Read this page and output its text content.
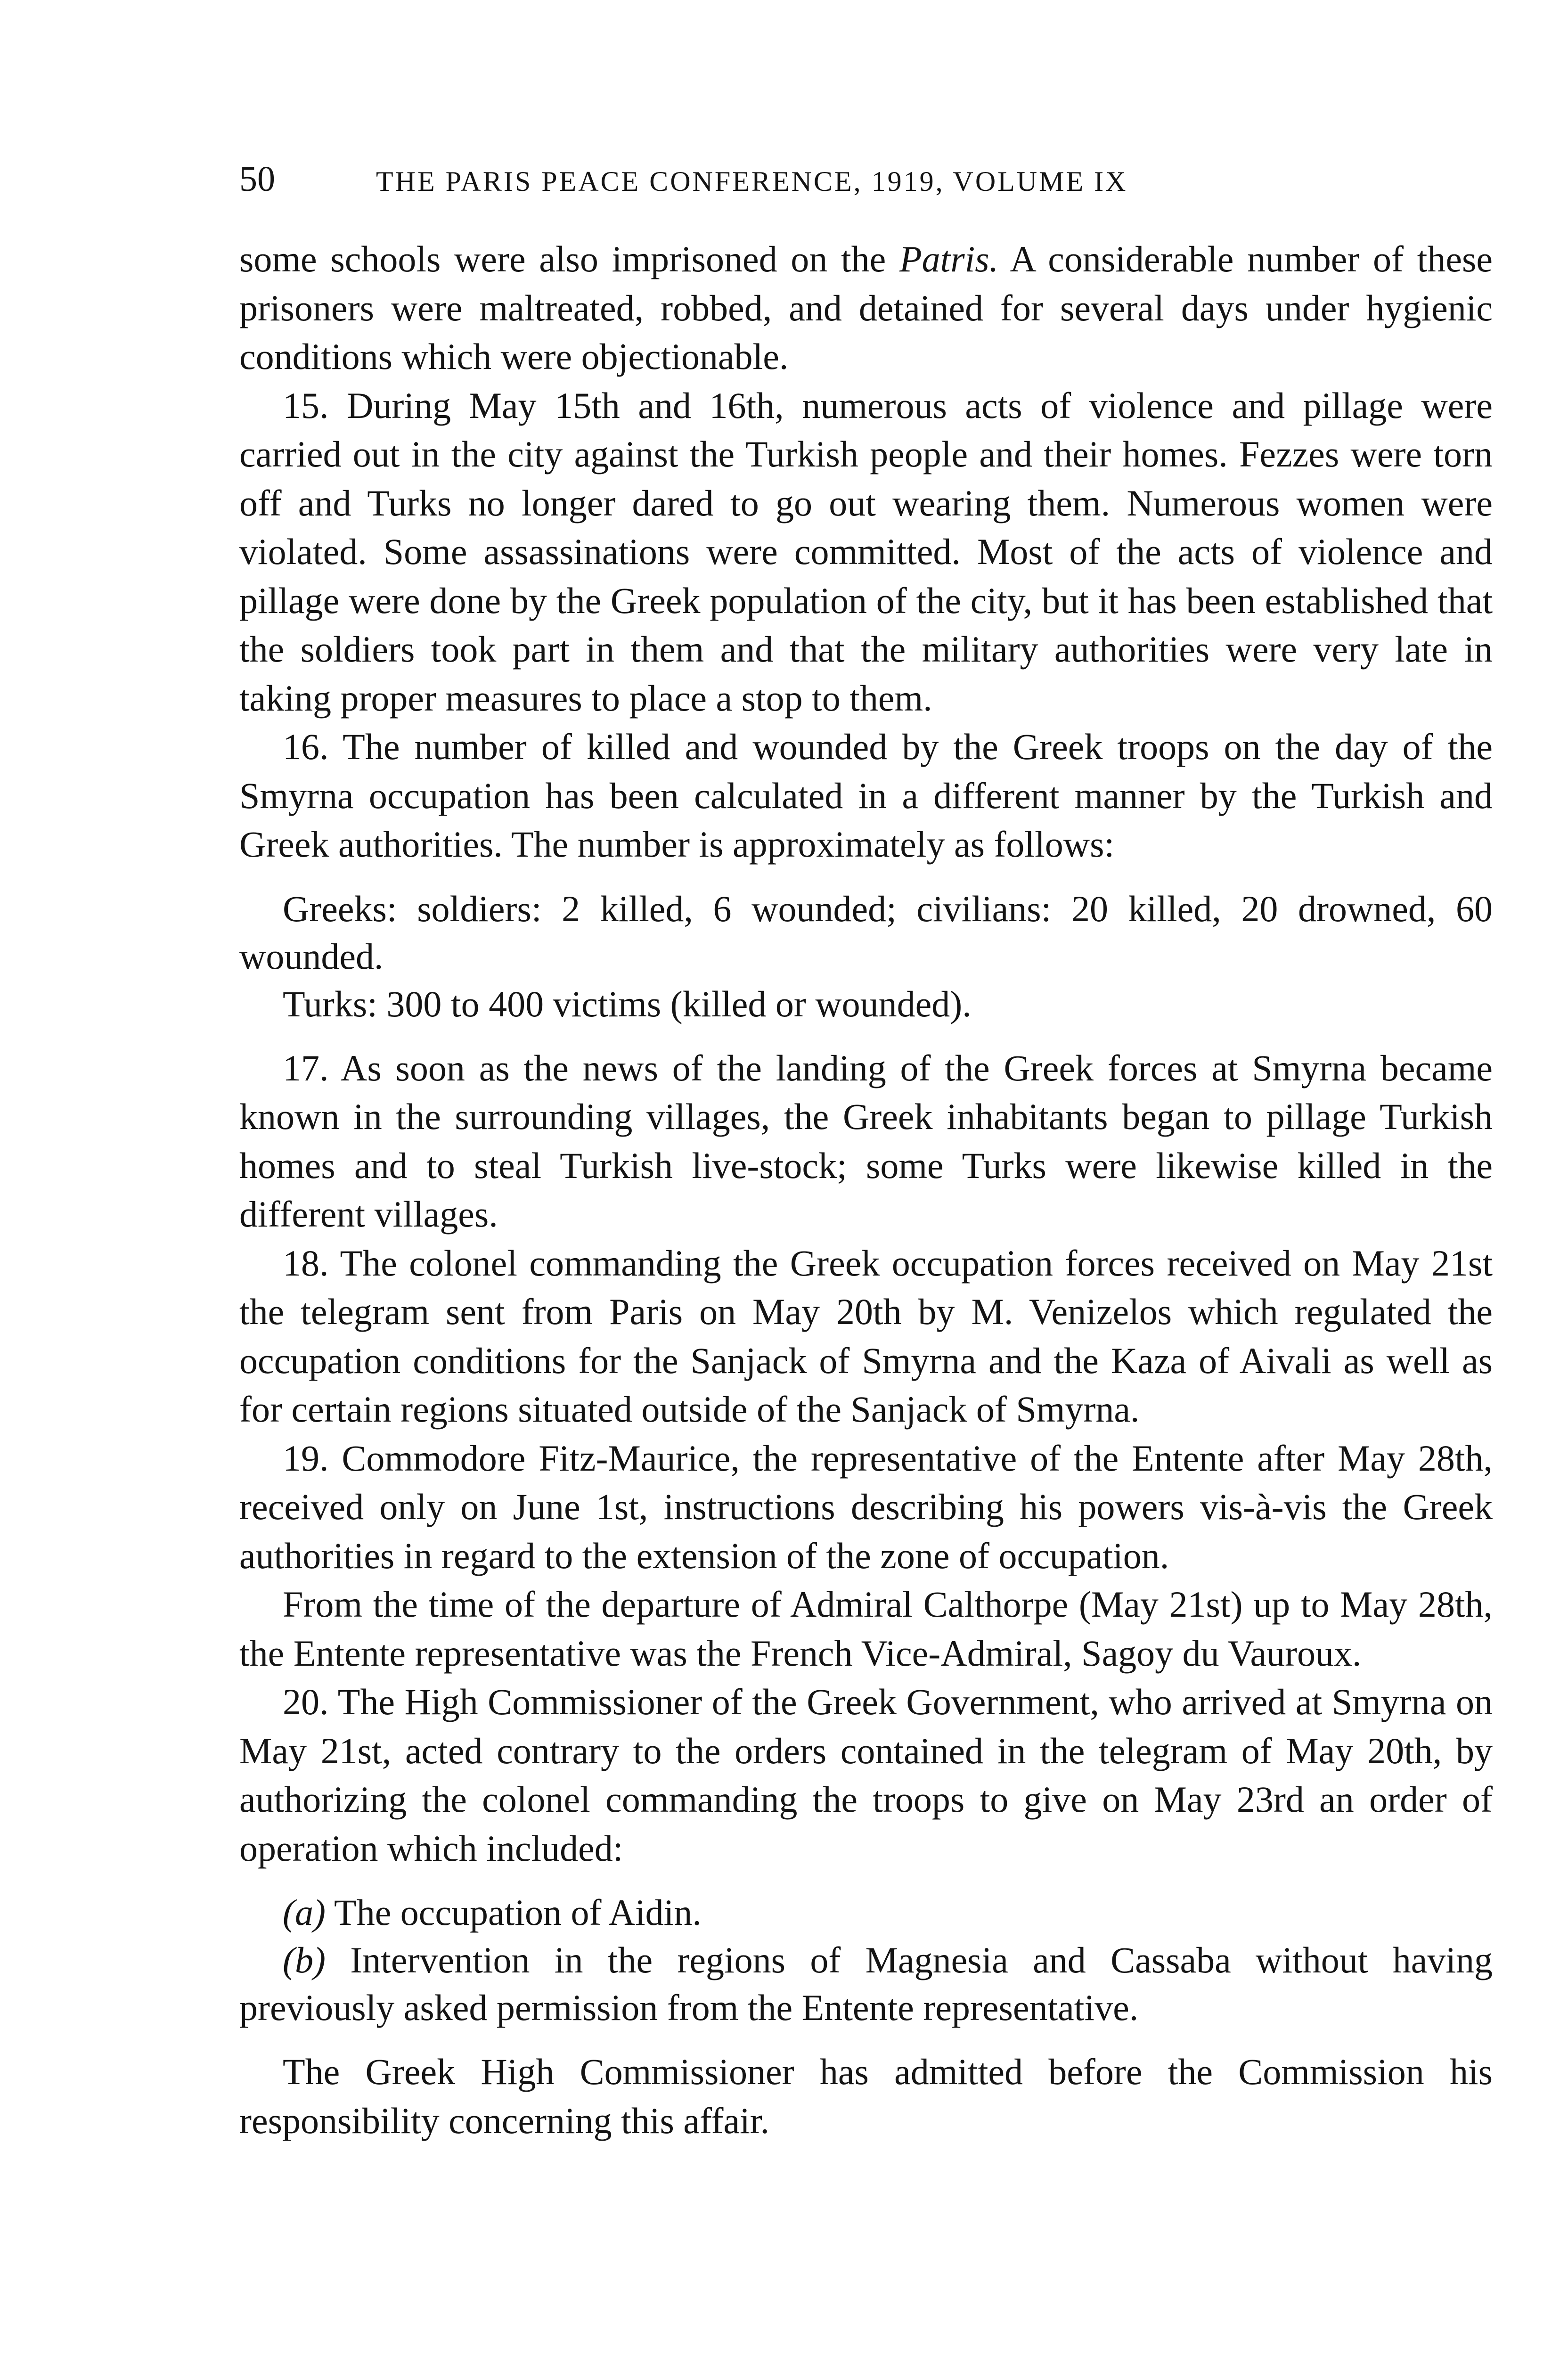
50	THE PARIS PEACE CONFERENCE, 1919, VOLUME IX

some schools were also imprisoned on the Patris. A considerable number of these prisoners were maltreated, robbed, and detained for several days under hygienic conditions which were objectionable.

15. During May 15th and 16th, numerous acts of violence and pillage were carried out in the city against the Turkish people and their homes. Fezzes were torn off and Turks no longer dared to go out wearing them. Numerous women were violated. Some assassinations were committed. Most of the acts of violence and pillage were done by the Greek population of the city, but it has been established that the soldiers took part in them and that the military authorities were very late in taking proper measures to place a stop to them.

16. The number of killed and wounded by the Greek troops on the day of the Smyrna occupation has been calculated in a different manner by the Turkish and Greek authorities. The number is approximately as follows:

Greeks: soldiers: 2 killed, 6 wounded; civilians: 20 killed, 20 drowned, 60 wounded.

Turks: 300 to 400 victims (killed or wounded).

17. As soon as the news of the landing of the Greek forces at Smyrna became known in the surrounding villages, the Greek inhabitants began to pillage Turkish homes and to steal Turkish live-stock; some Turks were likewise killed in the different villages.

18. The colonel commanding the Greek occupation forces received on May 21st the telegram sent from Paris on May 20th by M. Venizelos which regulated the occupation conditions for the Sanjack of Smyrna and the Kaza of Aivali as well as for certain regions situated outside of the Sanjack of Smyrna.

19. Commodore Fitz-Maurice, the representative of the Entente after May 28th, received only on June 1st, instructions describing his powers vis-à-vis the Greek authorities in regard to the extension of the zone of occupation.

From the time of the departure of Admiral Calthorpe (May 21st) up to May 28th, the Entente representative was the French Vice-Admiral, Sagoy du Vauroux.

20. The High Commissioner of the Greek Government, who arrived at Smyrna on May 21st, acted contrary to the orders contained in the telegram of May 20th, by authorizing the colonel commanding the troops to give on May 23rd an order of operation which included:

(a) The occupation of Aidin.

(b) Intervention in the regions of Magnesia and Cassaba without having previously asked permission from the Entente representative.

The Greek High Commissioner has admitted before the Commission his responsibility concerning this affair.
